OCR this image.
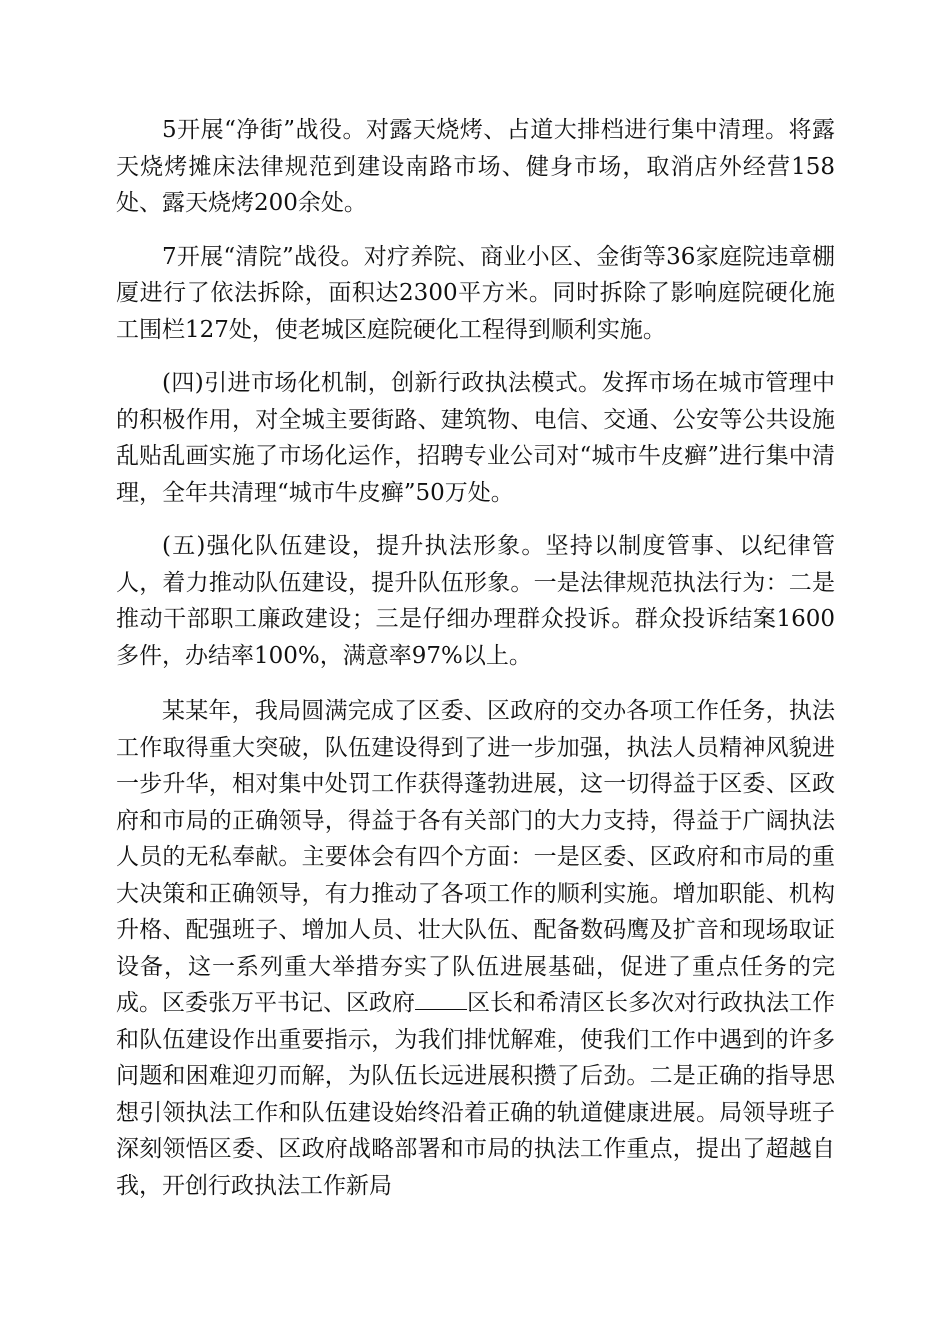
5开展“净街”战役。对露天烧烤、占道大排档进行集中清理。将露天烧烤摊床法律规范到建设南路市场、健身市场，取消店外经营158处、露天烧烤200余处。

7开展“清院”战役。对疗养院、商业小区、金街等36家庭院违章棚厦进行了依法拆除，面积达2300平方米。同时拆除了影响庭院硬化施工围栏127处，使老城区庭院硬化工程得到顺利实施。

(四)引进市场化机制，创新行政执法模式。发挥市场在城市管理中的积极作用，对全城主要街路、建筑物、电信、交通、公安等公共设施乱贴乱画实施了市场化运作，招聘专业公司对“城市牛皮癣”进行集中清理，全年共清理“城市牛皮癣”50万处。

(五)强化队伍建设，提升执法形象。坚持以制度管事、以纪律管人，着力推动队伍建设，提升队伍形象。一是法律规范执法行为：二是推动干部职工廉政建设；三是仔细办理群众投诉。群众投诉结案1600多件，办结率100%，满意率97%以上。

某某年，我局圆满完成了区委、区政府的交办各项工作任务，执法工作取得重大突破，队伍建设得到了进一步加强，执法人员精神风貌进一步升华，相对集中处罚工作获得蓬勃进展，这一切得益于区委、区政府和市局的正确领导，得益于各有关部门的大力支持，得益于广阔执法人员的无私奉献。主要体会有四个方面：一是区委、区政府和市局的重大决策和正确领导，有力推动了各项工作的顺利实施。增加职能、机构升格、配强班子、增加人员、壮大队伍、配备数码鹰及扩音和现场取证设备，这一系列重大举措夯实了队伍进展基础，促进了重点任务的完成。区委张万平书记、区政府 区长和希清区长多次对行政执法工作和队伍建设作出重要指示，为我们排忧解难，使我们工作中遇到的许多问题和困难迎刃而解，为队伍长远进展积攒了后劲。二是正确的指导思想引领执法工作和队伍建设始终沿着正确的轨道健康进展。局领导班子深刻领悟区委、区政府战略部署和市局的执法工作重点，提出了超越自我，开创行政执法工作新局
